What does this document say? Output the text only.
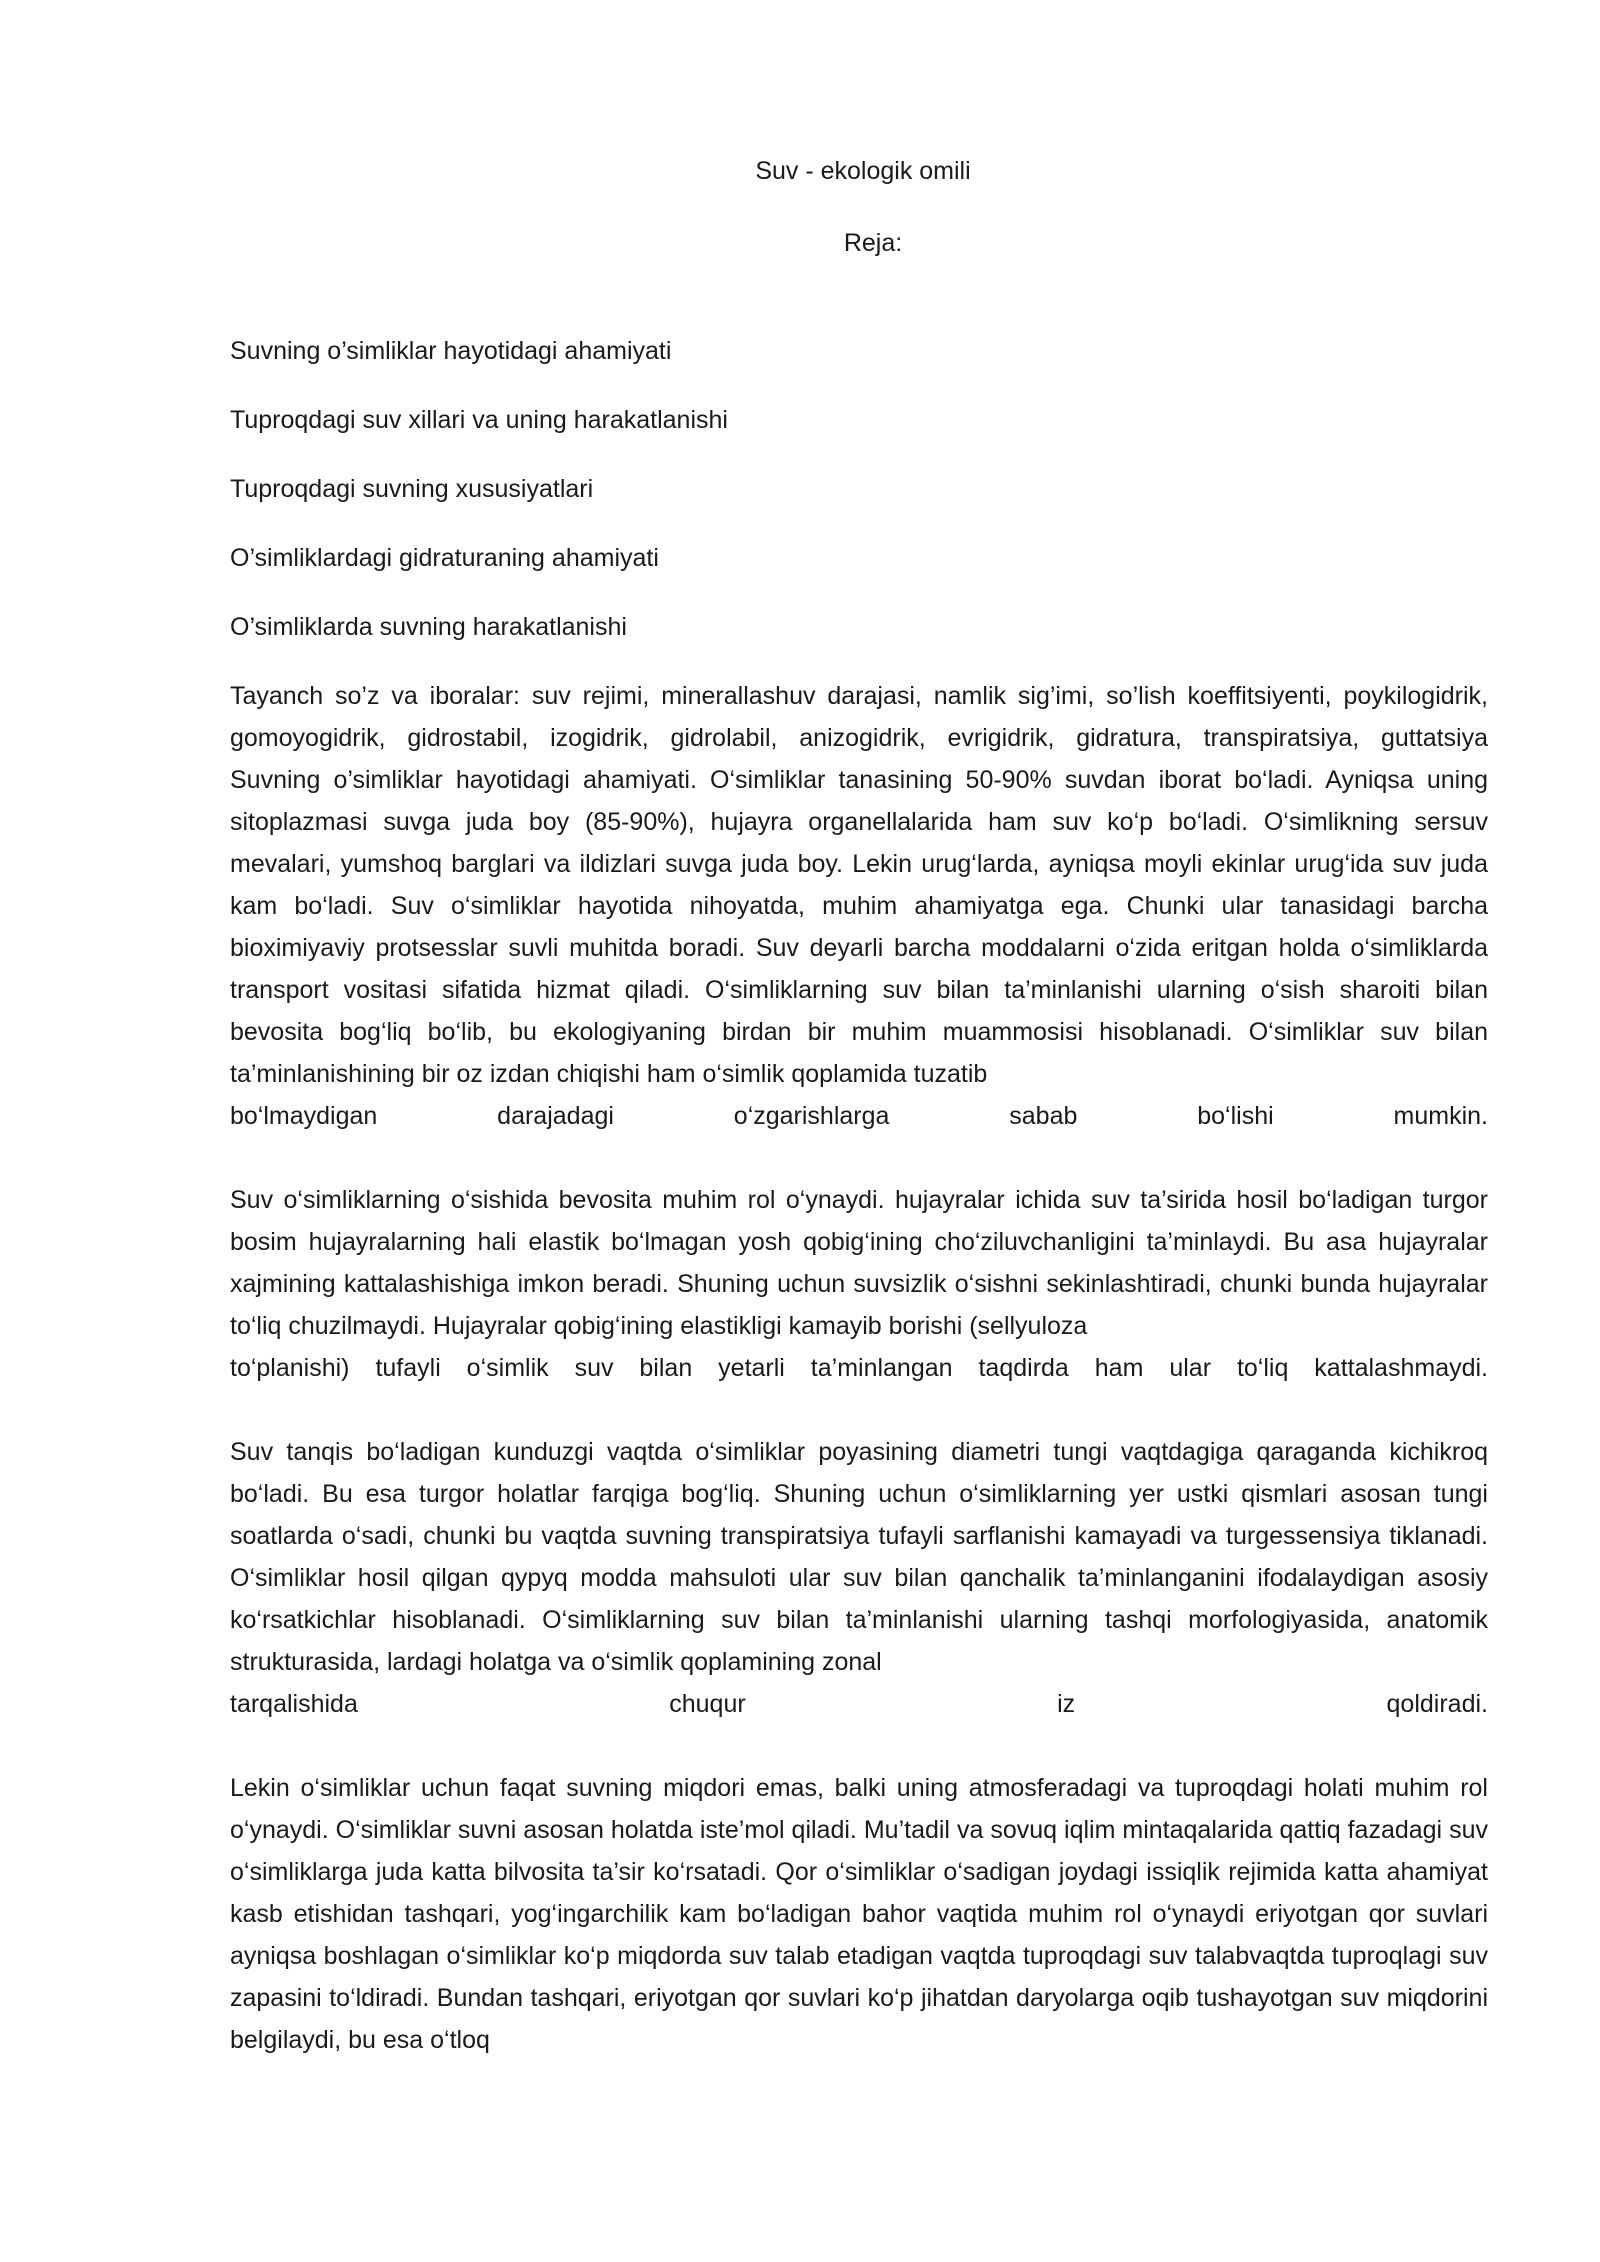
Suv - ekologik omili
Reja:
Suvning o’simliklar hayotidagi ahamiyati
Tuproqdagi suv xillari va uning harakatlanishi
Tuproqdagi suvning xususiyatlari
O’simliklardagi gidraturaning ahamiyati
O’simliklarda suvning harakatlanishi

Tayanch so’z va iboralar: suv rejimi, minerallashuv darajasi, namlik sig’imi, so’lish koeffitsiyenti, poykilogidrik, gomoyogidrik, gidrostabil, izogidrik, gidrolabil, anizogidrik, evrigidrik, gidratura, transpiratsiya, guttatsiya

Suvning o’simliklar hayotidagi ahamiyati. O‘simliklar tanasining 50-90% suvdan iborat bo‘ladi. Ayniqsa uning sitoplazmasi suvga juda boy (85-90%), hujayra organellalarida ham suv ko‘p bo‘ladi. O‘simlikning sersuv mevalari, yumshoq barglari va ildizlari suvga juda boy. Lekin urug‘larda, ayniqsa moyli ekinlar urug‘ida suv juda kam bo‘ladi. Suv o‘simliklar hayotida nihoyatda, muhim ahamiyatga ega. Chunki ular tanasidagi barcha bioximiyaviy protsesslar suvli muhitda boradi. Suv deyarli barcha moddalarni o‘zida eritgan holda o‘simliklarda transport vositasi sifatida hizmat qiladi. O‘simliklarning suv bilan ta’minlanishi ularning o‘sish sharoiti bilan bevosita bog‘liq bo‘lib, bu ekologiyaning birdan bir muhim muammosisi hisoblanadi. O‘simliklar suv bilan ta’minlanishining bir oz izdan chiqishi ham o‘simlik qoplamida tuzatib
bo‘lmaydigan darajadagi o‘zgarishlarga sabab bo‘lishi mumkin.
Suv o‘simliklarning o‘sishida bevosita muhim rol o‘ynaydi. hujayralar ichida suv ta’sirida hosil bo‘ladigan turgor bosim hujayralarning hali elastik bo‘lmagan yosh qobig‘ining cho‘ziluvchanligini ta’minlaydi. Bu asa hujayralar xajmining kattalashishiga imkon beradi. Shuning uchun suvsizlik o‘sishni sekinlashtiradi, chunki bunda hujayralar to‘liq chuzilmaydi. Hujayralar qobig‘ining elastikligi kamayib borishi (sellyuloza
to‘planishi) tufayli o‘simlik suv bilan yetarli ta’minlangan taqdirda ham ular to‘liq kattalashmaydi.
Suv tanqis bo‘ladigan kunduzgi vaqtda o‘simliklar poyasining diametri tungi vaqtdagiga qaraganda kichikroq bo‘ladi. Bu esa turgor holatlar farqiga bog‘liq. Shuning uchun o‘simliklarning yer ustki qismlari asosan tungi soatlarda o‘sadi, chunki bu vaqtda suvning transpiratsiya tufayli sarflanishi kamayadi va turgessensiya tiklanadi. O‘simliklar hosil qilgan qypyq modda mahsuloti ular suv bilan qanchalik ta’minlanganini ifodalaydigan asosiy ko‘rsatkichlar hisoblanadi. O‘simliklarning suv bilan ta’minlanishi ularning tashqi morfologiyasida, anatomik strukturasida, lardagi holatga va o‘simlik qoplamining zonal
tarqalishida chuqur iz qoldiradi.
Lekin o‘simliklar uchun faqat suvning miqdori emas, balki uning atmosferadagi va tuproqdagi holati muhim rol o‘ynaydi. O‘simliklar suvni asosan holatda iste’mol qiladi. Mu’tadil va sovuq iqlim mintaqalarida qattiq fazadagi suv o‘simliklarga juda katta bilvosita ta’sir ko‘rsatadi. Qor o‘simliklar o‘sadigan joydagi issiqlik rejimida katta ahamiyat kasb etishidan tashqari, yog‘ingarchilik kam bo‘ladigan bahor vaqtida muhim rol o‘ynaydi eriyotgan qor suvlari ayniqsa boshlagan o‘simliklar ko‘p miqdorda suv talab etadigan vaqtda tuproqdagi suv talabvaqtda tuproqlagi suv zapasini to‘ldiradi. Bundan tashqari, eriyotgan qor suvlari ko‘p jihatdan daryolarga oqib tushayotgan suv miqdorini belgilaydi, bu esa o‘tloq
